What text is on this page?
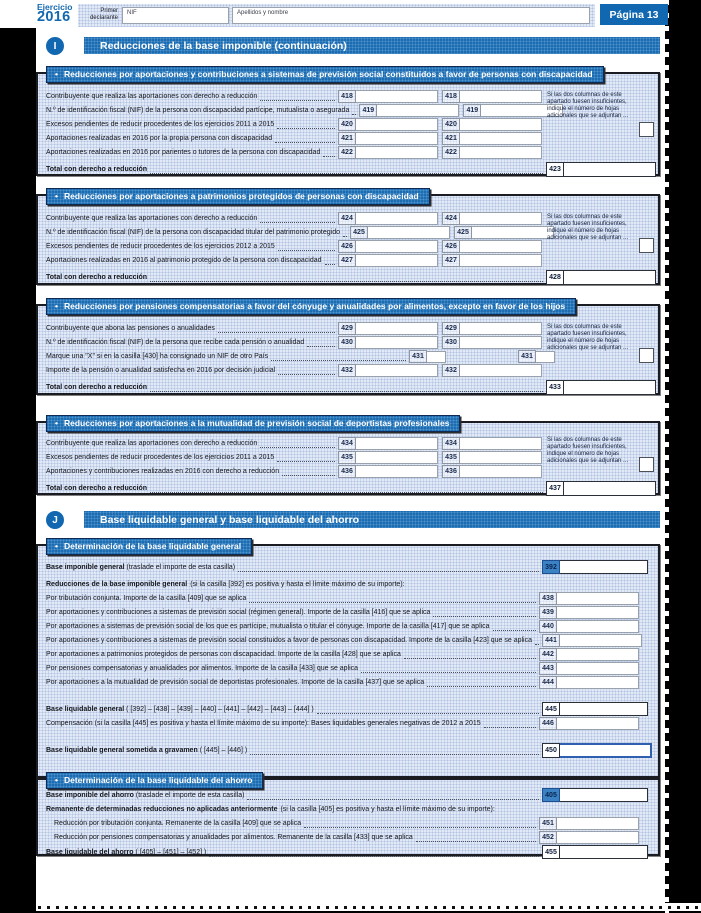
Ejercicio
2016	Primer declarante
NIF	Apellidos y nombre	Página 13
I	Reducciones de la base imponible (continuación)
• Reducciones por aportaciones y contribuciones a sistemas de previsión social constituidos a favor de personas con discapacidad
Contribuyente que realiza las aportaciones con derecho a reducción	418	418
N.º de identificación fiscal (NIF) de la persona con discapacidad partícipe, mutualista o asegurada	419	419
Excesos pendientes de reducir procedentes de los ejercicios 2011 a 2015	420	420
Aportaciones realizadas en 2016 por la propia persona con discapacidad	421	421
Aportaciones realizadas en 2016 por parientes o tutores de la persona con discapacidad	422	422
Total con derecho a reducción	423
Si las dos columnas de este apartado fuesen insuficientes, indique el número de hojas adicionales que se adjuntan ...
• Reducciones por aportaciones a patrimonios protegidos de personas con discapacidad
Contribuyente que realiza las aportaciones con derecho a reducción	424	424
N.º de identificación fiscal (NIF) de la persona con discapacidad titular del patrimonio protegido	425	425
Excesos pendientes de reducir procedentes de los ejercicios 2012 a 2015	426	426
Aportaciones realizadas en 2016 al patrimonio protegido de la persona con discapacidad	427	427
Total con derecho a reducción	428
Si las dos columnas de este apartado fuesen insuficientes, indique el número de hojas adicionales que se adjuntan ...
• Reducciones por pensiones compensatorias a favor del cónyuge y anualidades por alimentos, excepto en favor de los hijos
Contribuyente que abona las pensiones o anualidades	429	429
N.º de identificación fiscal (NIF) de la persona que recibe cada pensión o anualidad	430	430
Marque una "X" si en la casilla [430] ha consignado un NIF de otro País	431	431
Importe de la pensión o anualidad satisfecha en 2016 por decisión judicial	432	432
Total con derecho a reducción	433
Si las dos columnas de este apartado fuesen insuficientes, indique el número de hojas adicionales que se adjuntan ...
• Reducciones por aportaciones a la mutualidad de previsión social de deportistas profesionales
Contribuyente que realiza las aportaciones con derecho a reducción	434	434
Excesos pendientes de reducir procedentes de los ejercicios 2011 a 2015	435	435
Aportaciones y contribuciones realizadas en 2016 con derecho a reducción	436	436
Total con derecho a reducción	437
Si las dos columnas de este apartado fuesen insuficientes, indique el número de hojas adicionales que se adjuntan ...
J	Base liquidable general y base liquidable del ahorro
• Determinación de la base liquidable general
Base imponible general (traslade el importe de esta casilla)	392
Reducciones de la base imponible general (si la casilla [392] es positiva y hasta el límite máximo de su importe):
Por tributación conjunta. Importe de la casilla [409] que se aplica	438
Por aportaciones y contribuciones a sistemas de previsión social (régimen general). Importe de la casilla [416] que se aplica	439
Por aportaciones a sistemas de previsión social de los que es partícipe, mutualista o titular el cónyuge. Importe de la casilla [417] que se aplica	440
Por aportaciones y contribuciones a sistemas de previsión social constituidos a favor de personas con discapacidad. Importe de la casilla [423] que se aplica	441
Por aportaciones a patrimonios protegidos de personas con discapacidad. Importe de la casilla [428] que se aplica	442
Por pensiones compensatorias y anualidades por alimentos. Importe de la casilla [433] que se aplica	443
Por aportaciones a la mutualidad de previsión social de deportistas profesionales. Importe de la casilla [437] que se aplica	444
Base liquidable general ( [392] – [438] – [439] – [440] – [441] – [442] – [443] – [444] )	445
Compensación (si la casilla [445] es positiva y hasta el límite máximo de su importe): Bases liquidables generales negativas de 2012 a 2015	446
Base liquidable general sometida a gravamen ( [445] – [446] )	450
• Determinación de la base liquidable del ahorro
Base imponible del ahorro (traslade el importe de esta casilla)	405
Remanente de determinadas reducciones no aplicadas anteriormente (si la casilla [405] es positiva y hasta el límite máximo de su importe):
Reducción por tributación conjunta. Remanente de la casilla [409] que se aplica	451
Reducción por pensiones compensatorias y anualidades por alimentos. Remanente de la casilla [433] que se aplica	452
Base liquidable del ahorro ( [405] – [451] – [452] )	455
